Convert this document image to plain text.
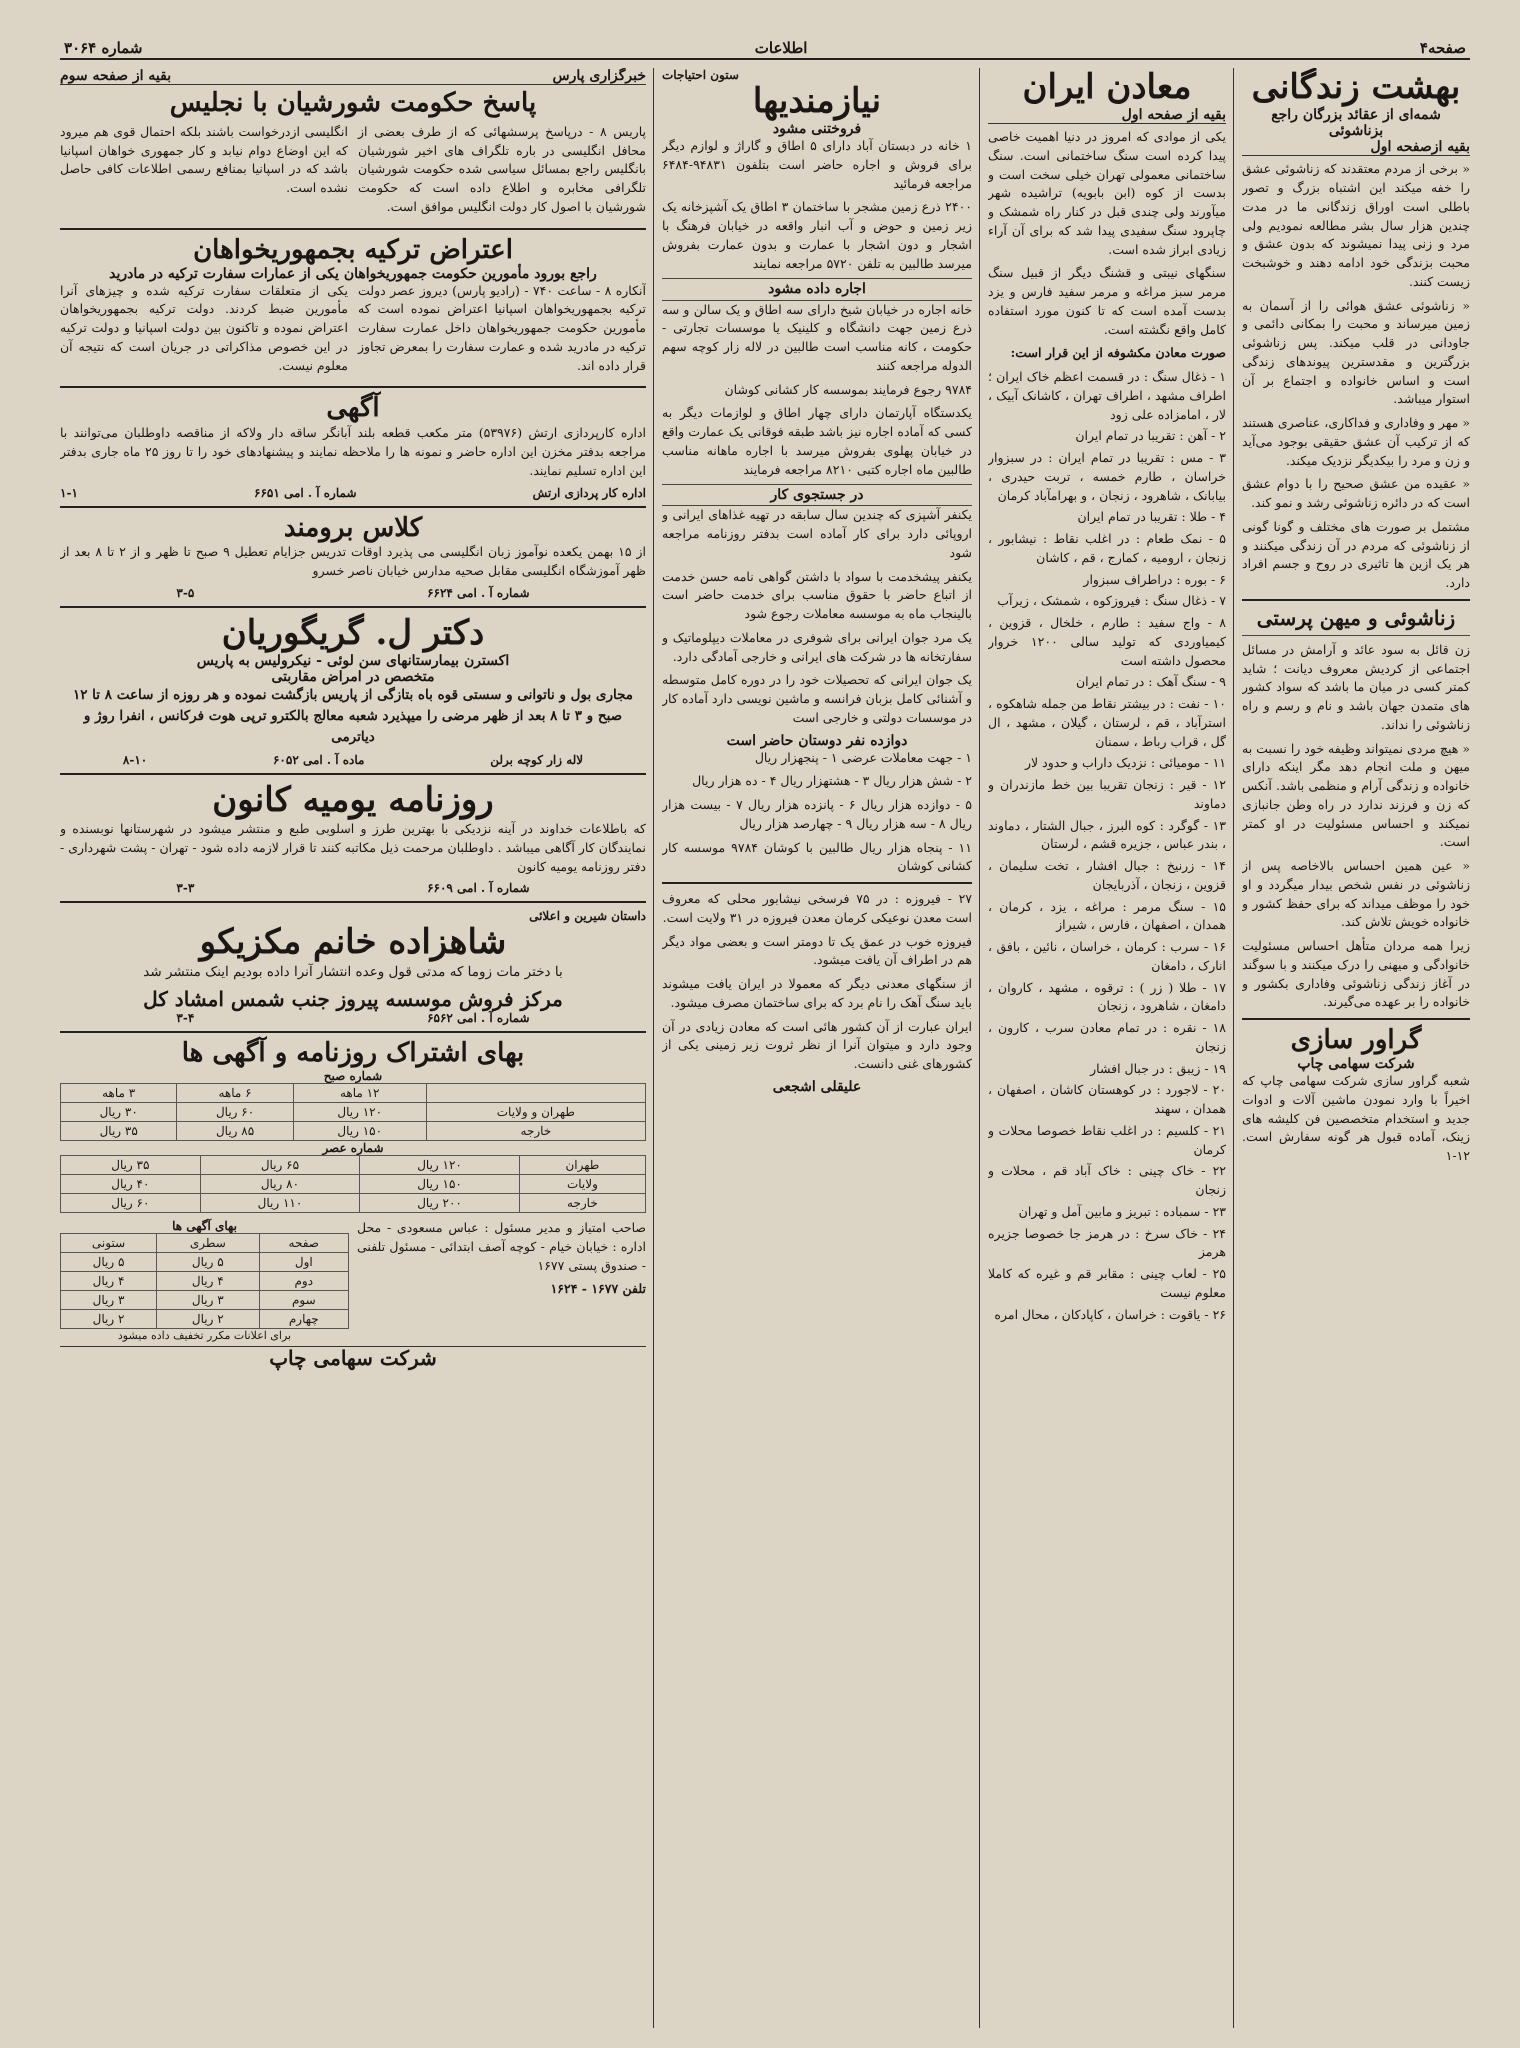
صفحه۴
اطلاعات
شماره ۳۰۶۴
بهشت زندگانی
شمه‌ای از عقائد بزرگان راجع بزناشوئی
بقیه ازصفحه اول

« برخی از مردم معتقدند که زناشوئی عشق را خفه میکند این اشتباه بزرگ و تصور باطلی است اوراق زندگانی ما در مدت چندین هزار سال بشر مطالعه نمودیم ولی مرد و زنی پیدا نمیشوند که بدون عشق و محبت بزندگی خود ادامه دهند و خوشبخت زیست کنند.

« زناشوئی عشق هوائی را از آسمان به زمین میرساند و محبت را بمکانی دائمی و جاودانی در قلب میکند. پس زناشوئی بزرگترین و مقدسترین پیوندهای زندگی است و اساس خانواده و اجتماع بر آن استوار میباشد.

« مهر و وفاداری و فداکاری، عناصری هستند که از ترکیب آن عشق حقیقی بوجود می‌آید و زن و مرد را بیکدیگر نزدیک میکند.

« عقیده من عشق صحیح را با دوام عشق است که در دائره زناشوئی رشد و نمو کند.

مشتمل بر صورت های مختلف و گونا گونی از زناشوئی که مردم در آن زندگی میکنند و هر یک ازین ها تاثیری در روح و جسم افراد دارد.

زناشوئی و میهن پرستی

زن قائل به سود عائد و آرامش در مسائل اجتماعی از کردیش معروف دیانت ؛ شاید کمتر کسی در میان ما باشد که سواد کشور های متمدن جهان باشد و نام و رسم و راه زناشوئی را نداند.

« هیچ مردی نمیتواند وظیفه خود را نسبت به میهن و ملت انجام دهد مگر اینکه دارای خانواده و زندگی آرام و منظمی باشد. آنکس که زن و فرزند ندارد در راه وطن جانبازی نمیکند و احساس مسئولیت در او کمتر است.

« عین همین احساس بالاخاصه پس از زناشوئی در نفس شخص بیدار میگردد و او خود را موظف میداند که برای حفظ کشور و خانواده خویش تلاش کند.

زیرا همه مردان متأهل احساس مسئولیت خانوادگی و میهنی را درک میکنند و با سوگند در آغاز زندگی زناشوئی وفاداری بکشور و خانواده را بر عهده می‌گیرند.

گراور سازی
شرکت سهامی چاپ

شعبه گراور سازی شرکت سهامی چاپ که اخیراً با وارد نمودن ماشین آلات و ادوات جدید و استخدام متخصصین فن کلیشه های زینک، آماده قبول هر گونه سفارش است. ۱۲-۱

معادن ایران
بقیه از صفحه اول

یکی از موادی که امروز در دنیا اهمیت خاصی پیدا کرده است سنگ ساختمانی است. سنگ ساختمانی معمولی تهران خیلی سخت است و بدست از کوه (ابن بابویه) تراشیده شهر میآورند ولی چندی قبل در کنار راه شمشک و چاپرود سنگ سفیدی پیدا شد که برای آن آراء زیادی ابراز شده است.

سنگهای نیبتی و قشنگ دیگر از قبیل سنگ مرمر سبز مراغه و مرمر سفید فارس و یزد بدست آمده است که تا کنون مورد استفاده کامل واقع نگشته است.

صورت معادن مکشوفه از این قرار است:

۱ - ذغال سنگ : در قسمت اعظم خاک ایران ؛ اطراف مشهد ، اطراف تهران ، کاشانک آبیک ، لار ، امامزاده علی زود

۲ - آهن : تقریبا در تمام ایران

۳ - مس : تقریبا در تمام ایران : در سبزوار خراسان ، طارم خمسه ، تربت حیدری ، بیابانک ، شاهرود ، زنجان ، و بهرامآباد کرمان

۴ - طلا : تقریبا در تمام ایران

۵ - نمک طعام : در اغلب نقاط : نیشابور ، زنجان ، ارومیه ، کمارج ، قم ، کاشان

۶ - بوره : دراطراف سبزوار

۷ - ذغال سنگ : فیروزکوه ، شمشک ، زیرآب

۸ - واج سفید : طارم ، خلخال ، قزوین ، کیمیاوردی که تولید سالی ۱۲۰۰ خروار محصول داشته است

۹ - سنگ آهک : در تمام ایران

۱۰ - نفت : در بیشتر نقاط من جمله شاهکوه ، استرآباد ، قم ، لرستان ، گیلان ، مشهد ، ال گل ، قراب رباط ، سمنان

۱۱ - مومیائی : نزدیک داراب و حدود لار

۱۲ - قیر : زنجان تقریبا بین خط مازندران و دماوند

۱۳ - گوگرد : کوه البرز ، جبال الشتار ، دماوند ، بندر عباس ، جزیره قشم ، لرستان

۱۴ - زرنیخ : جبال افشار ، تخت سلیمان ، قزوین ، زنجان ، آذربایجان

۱۵ - سنگ مرمر : مراغه ، یزد ، کرمان ، همدان ، اصفهان ، فارس ، شیراز

۱۶ - سرب : کرمان ، خراسان ، نائین ، بافق ، انارک ، دامغان

۱۷ - طلا ( زر ) : ترقوه ، مشهد ، کاروان ، دامغان ، شاهرود ، زنجان

۱۸ - نقره : در تمام معادن سرب ، کارون ، زنجان

۱۹ - زیبق : در جبال افشار

۲۰ - لاجورد : در کوهستان کاشان ، اصفهان ، همدان ، سهند

۲۱ - کلسیم : در اغلب نقاط خصوصا محلات و کرمان

۲۲ - خاک چینی : خاک آباد قم ، محلات و زنجان

۲۳ - سمباده : تبریز و مابین آمل و تهران

۲۴ - خاک سرخ : در هرمز جا خصوصا جزیره هرمز

۲۵ - لعاب چینی : مقابر قم و غیره که کاملا معلوم نیست

۲۶ - یاقوت : خراسان ، کاپادکان ، محال امره

ستون احتیاجات
نیازمندیها
فروختنی مشود

۱ خانه در دبستان آباد دارای ۵ اطاق و گاراژ و لوازم دیگر برای فروش و اجاره حاضر است بتلفون ۹۴۸۳۱-۶۴۸۴ مراجعه فرمائید

۲۴۰۰ ذرع زمین مشجر با ساختمان ۳ اطاق یک آشپزخانه یک زیر زمین و حوض و آب انبار واقعه در خیابان فرهنگ با اشجار و دون اشجار با عمارت و بدون عمارت بفروش میرسد طالبین به تلفن ۵۷۲۰ مراجعه نمایند

اجاره داده مشود

خانه اجاره در خیابان شیخ دارای سه اطاق و یک سالن و سه ذرع زمین جهت دانشگاه و کلینیک یا موسسات تجارتی - حکومت ، کانه مناسب است طالبین در لاله زار کوچه سهم الدوله مراجعه کنند

۹۷۸۴ رجوع فرمایند بموسسه کار کشانی کوشان

یکدستگاه آپارتمان دارای چهار اطاق و لوازمات دیگر به کسی که آماده اجاره نیز باشد طبقه فوقانی یک عمارت واقع در خیابان پهلوی بفروش میرسد با اجاره ماهانه مناسب طالبین ماه اجاره کتبی ۸۲۱۰ مراجعه فرمایند

در جستجوی کار

یکنفر آشپزی که چندین سال سابقه در تهیه غذاهای ایرانی و اروپائی دارد برای کار آماده است بدفتر روزنامه مراجعه شود

یکنفر پیشخدمت با سواد با داشتن گواهی نامه حسن خدمت از اتباع حاضر با حقوق مناسب برای خدمت حاضر است بالینجاب ماه به موسسه معاملات رجوع شود

یک مرد جوان ایرانی برای شوفری در معاملات دیپلوماتیک و سفارتخانه ها در شرکت های ایرانی و خارجی آمادگی دارد.

یک جوان ایرانی که تحصیلات خود را در دوره کامل متوسطه و آشنائی کامل بزبان فرانسه و ماشین نویسی دارد آماده کار در موسسات دولتی و خارجی است

دوازده نفر دوستان حاضر است

۱ - جهت معاملات عرضی ۱ - پنجهزار ریال

۲ - شش هزار ریال ۳ - هشتهزار ریال ۴ - ده هزار ریال

۵ - دوازده هزار ریال ۶ - پانزده هزار ریال ۷ - بیست هزار ریال ۸ - سه هزار ریال ۹ - چهارصد هزار ریال

۱۱ - پنجاه هزار ریال طالبین با کوشان ۹۷۸۴ موسسه کار کشانی کوشان

۲۷ - فیروزه : در ۷۵ فرسخی نیشابور محلی که معروف است معدن نوعیکی کرمان معدن فیروزه در ۳۱ ولایت است.

فیروزه خوب در عمق یک تا دومتر است و بعضی مواد دیگر هم در اطراف آن یافت میشود.

از سنگهای معدنی دیگر که معمولا در ایران یافت میشوند باید سنگ آهک را نام برد که برای ساختمان مصرف میشود.

ایران عبارت از آن کشور هائی است که معادن زیادی در آن وجود دارد و میتوان آنرا از نظر ثروت زیر زمینی یکی از کشورهای غنی دانست.

علیقلی اشجعی
خبرگزاری پارس
بقیه از صفحه سوم
پاسخ حکومت شورشیان با نجلیس

پاریس ۸ - درپاسخ پرسشهائی که از طرف بعضی از محافل انگلیسی در باره تلگراف های اخیر شورشیان بانگلیس راجع بمسائل سیاسی شده حکومت شورشیان تلگرافی مخابره و اطلاع داده است که حکومت شورشیان با اصول کار دولت انگلیس موافق است.

انگلیسی ازدرخواست باشند بلکه احتمال قوی هم میرود که این اوضاع دوام نیابد و کار جمهوری خواهان اسپانیا باشد که در اسپانیا بمنافع رسمی اطلاعات کافی حاصل نشده است.

اعتراض ترکیه بجمهوریخواهان
راجع بورود مأمورین حکومت جمهوریخواهان یکی از عمارات سفارت ترکیه در مادرید

آنکاره ۸ - ساعت ۷۴۰ - (رادیو پارس) دیروز عصر دولت ترکیه بجمهوریخواهان اسپانیا اعتراض نموده است که مأمورین حکومت جمهوریخواهان داخل عمارت سفارت ترکیه در مادرید شده و عمارت سفارت را بمعرض تجاوز قرار داده اند.

یکی از متعلقات سفارت ترکیه شده و چیزهای آنرا مأمورین ضبط کردند. دولت ترکیه بجمهوریخواهان اعتراض نموده و تاکنون بین دولت اسپانیا و دولت ترکیه در این خصوص مذاکراتی در جریان است که نتیجه آن معلوم نیست.

آگهی

اداره کارپردازی ارتش (۵۳۹۷۶) متر مکعب قطعه بلند آبانگر ساقه دار ولاکه از مناقصه داوطلبان می‌توانند با مراجعه بدفتر مخزن این اداره حاضر و نمونه ها را ملاحظه نمایند و پیشنهادهای خود را تا روز ۲۵ ماه جاری بدفتر این اداره تسلیم نمایند.

اداره کار پردازی ارتش
شماره آ . امی ۶۶۵۱
۱-۱
کلاس برومند

از ۱۵ بهمن یکعده نوآموز زبان انگلیسی می پذیرد اوقات تدریس جزایام تعطیل ۹ صبح تا ظهر و از ۲ تا ۸ بعد از ظهر آموزشگاه انگلیسی مقابل صحیه مدارس خیابان ناصر خسرو

شماره آ . امی ۶۶۲۴
۳-۵
دکتر ل. گریگوریان
اکسترن بیمارستانهای سن لوئی - نیکرولیس به پاریس
متخصص در امراض مقاربتی

مجاری بول و ناتوانی و سستی قوه باه بتازگی از پاریس بازگشت نموده و هر روزه از ساعت ۸ تا ۱۲ صبح و ۳ تا ۸ بعد از ظهر مرضی را میپذیرد شعبه معالج بالکترو ترپی هوت فرکانس ، انفرا روژ و دیاترمی

لاله زار کوچه برلن
ماده آ . امی ۶۰۵۲
۸-۱۰
روزنامه یومیه کانون

که باطلاعات خداوند در آینه نزدیکی با بهترین طرز و اسلوبی طبع و منتشر میشود در شهرستانها نوبسنده و نمایندگان کار آگاهی میباشد . داوطلبان مرحمت ذیل مکاتبه کنند تا قرار لازمه داده شود - تهران - پشت شهرداری - دفتر روزنامه یومیه کانون

شماره آ . امی ۶۶۰۹
۳-۳
داستان شیرین و اعلائی
شاهزاده خانم مکزیکو

با دختر مات زوما که مدتی قول وعده انتشار آنرا داده بودیم اینک منتشر شد

مرکز فروش موسسه پیروز جنب شمس امشاد کل
شماره آ . امی ۶۵۶۲
۳-۴
بهای اشتراک روزنامه و آگهی ها
شماره صبح
	۱۲ ماهه	۶ ماهه	۳ ماهه
طهران و ولایات	۱۲۰ ریال	۶۰ ریال	۳۰ ریال
خارجه	۱۵۰ ریال	۸۵ ریال	۳۵ ریال
شماره عصر
طهران	۱۲۰ ریال	۶۵ ریال	۳۵ ریال
ولایات	۱۵۰ ریال	۸۰ ریال	۴۰ ریال
خارجه	۲۰۰ ریال	۱۱۰ ریال	۶۰ ریال

صاحب امتیاز و مدیر مسئول : عباس مسعودی - محل اداره : خیابان خیام - کوچه آصف ابتدائی - مسئول تلفنی - صندوق پستی ۱۶۷۷

تلفن ۱۶۷۷ - ۱۶۲۴

بهای آگهی ها
صفحه	سطری	ستونی
اول	۵ ریال	۵ ریال
دوم	۴ ریال	۴ ریال
سوم	۳ ریال	۳ ریال
چهارم	۲ ریال	۲ ریال
برای اعلانات مکرر تخفیف داده میشود
شرکت سهامی چاپ
